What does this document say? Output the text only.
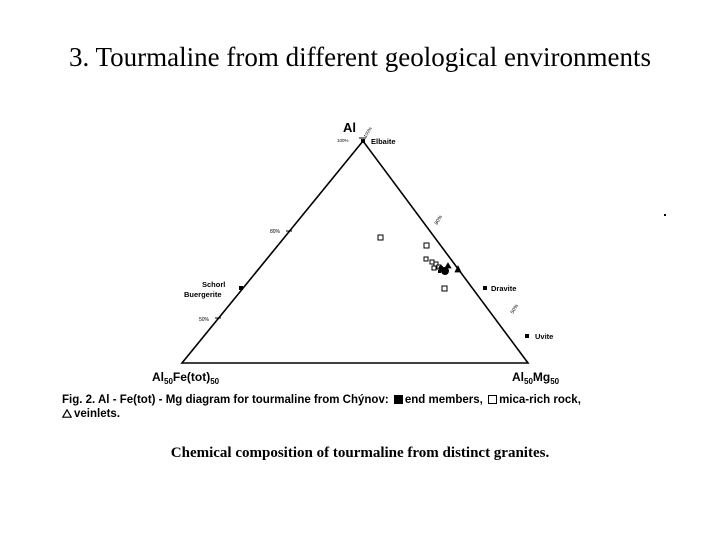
3. Tourmaline from different geological environments
Al
$Al_{50}Fe(tot)_{50}$	$Al_{50}Mg_{50}$
Elbaite
Schorl
Buergerite
Dravite
Uvite
100%
80%
50%
80%
50%
100%
Fig. 2. Al - Fe(tot) - Mg diagram for tourmaline from Chýnov: end members, mica-rich rock,
veinlets.
Chemical composition of tourmaline from distinct granites.
